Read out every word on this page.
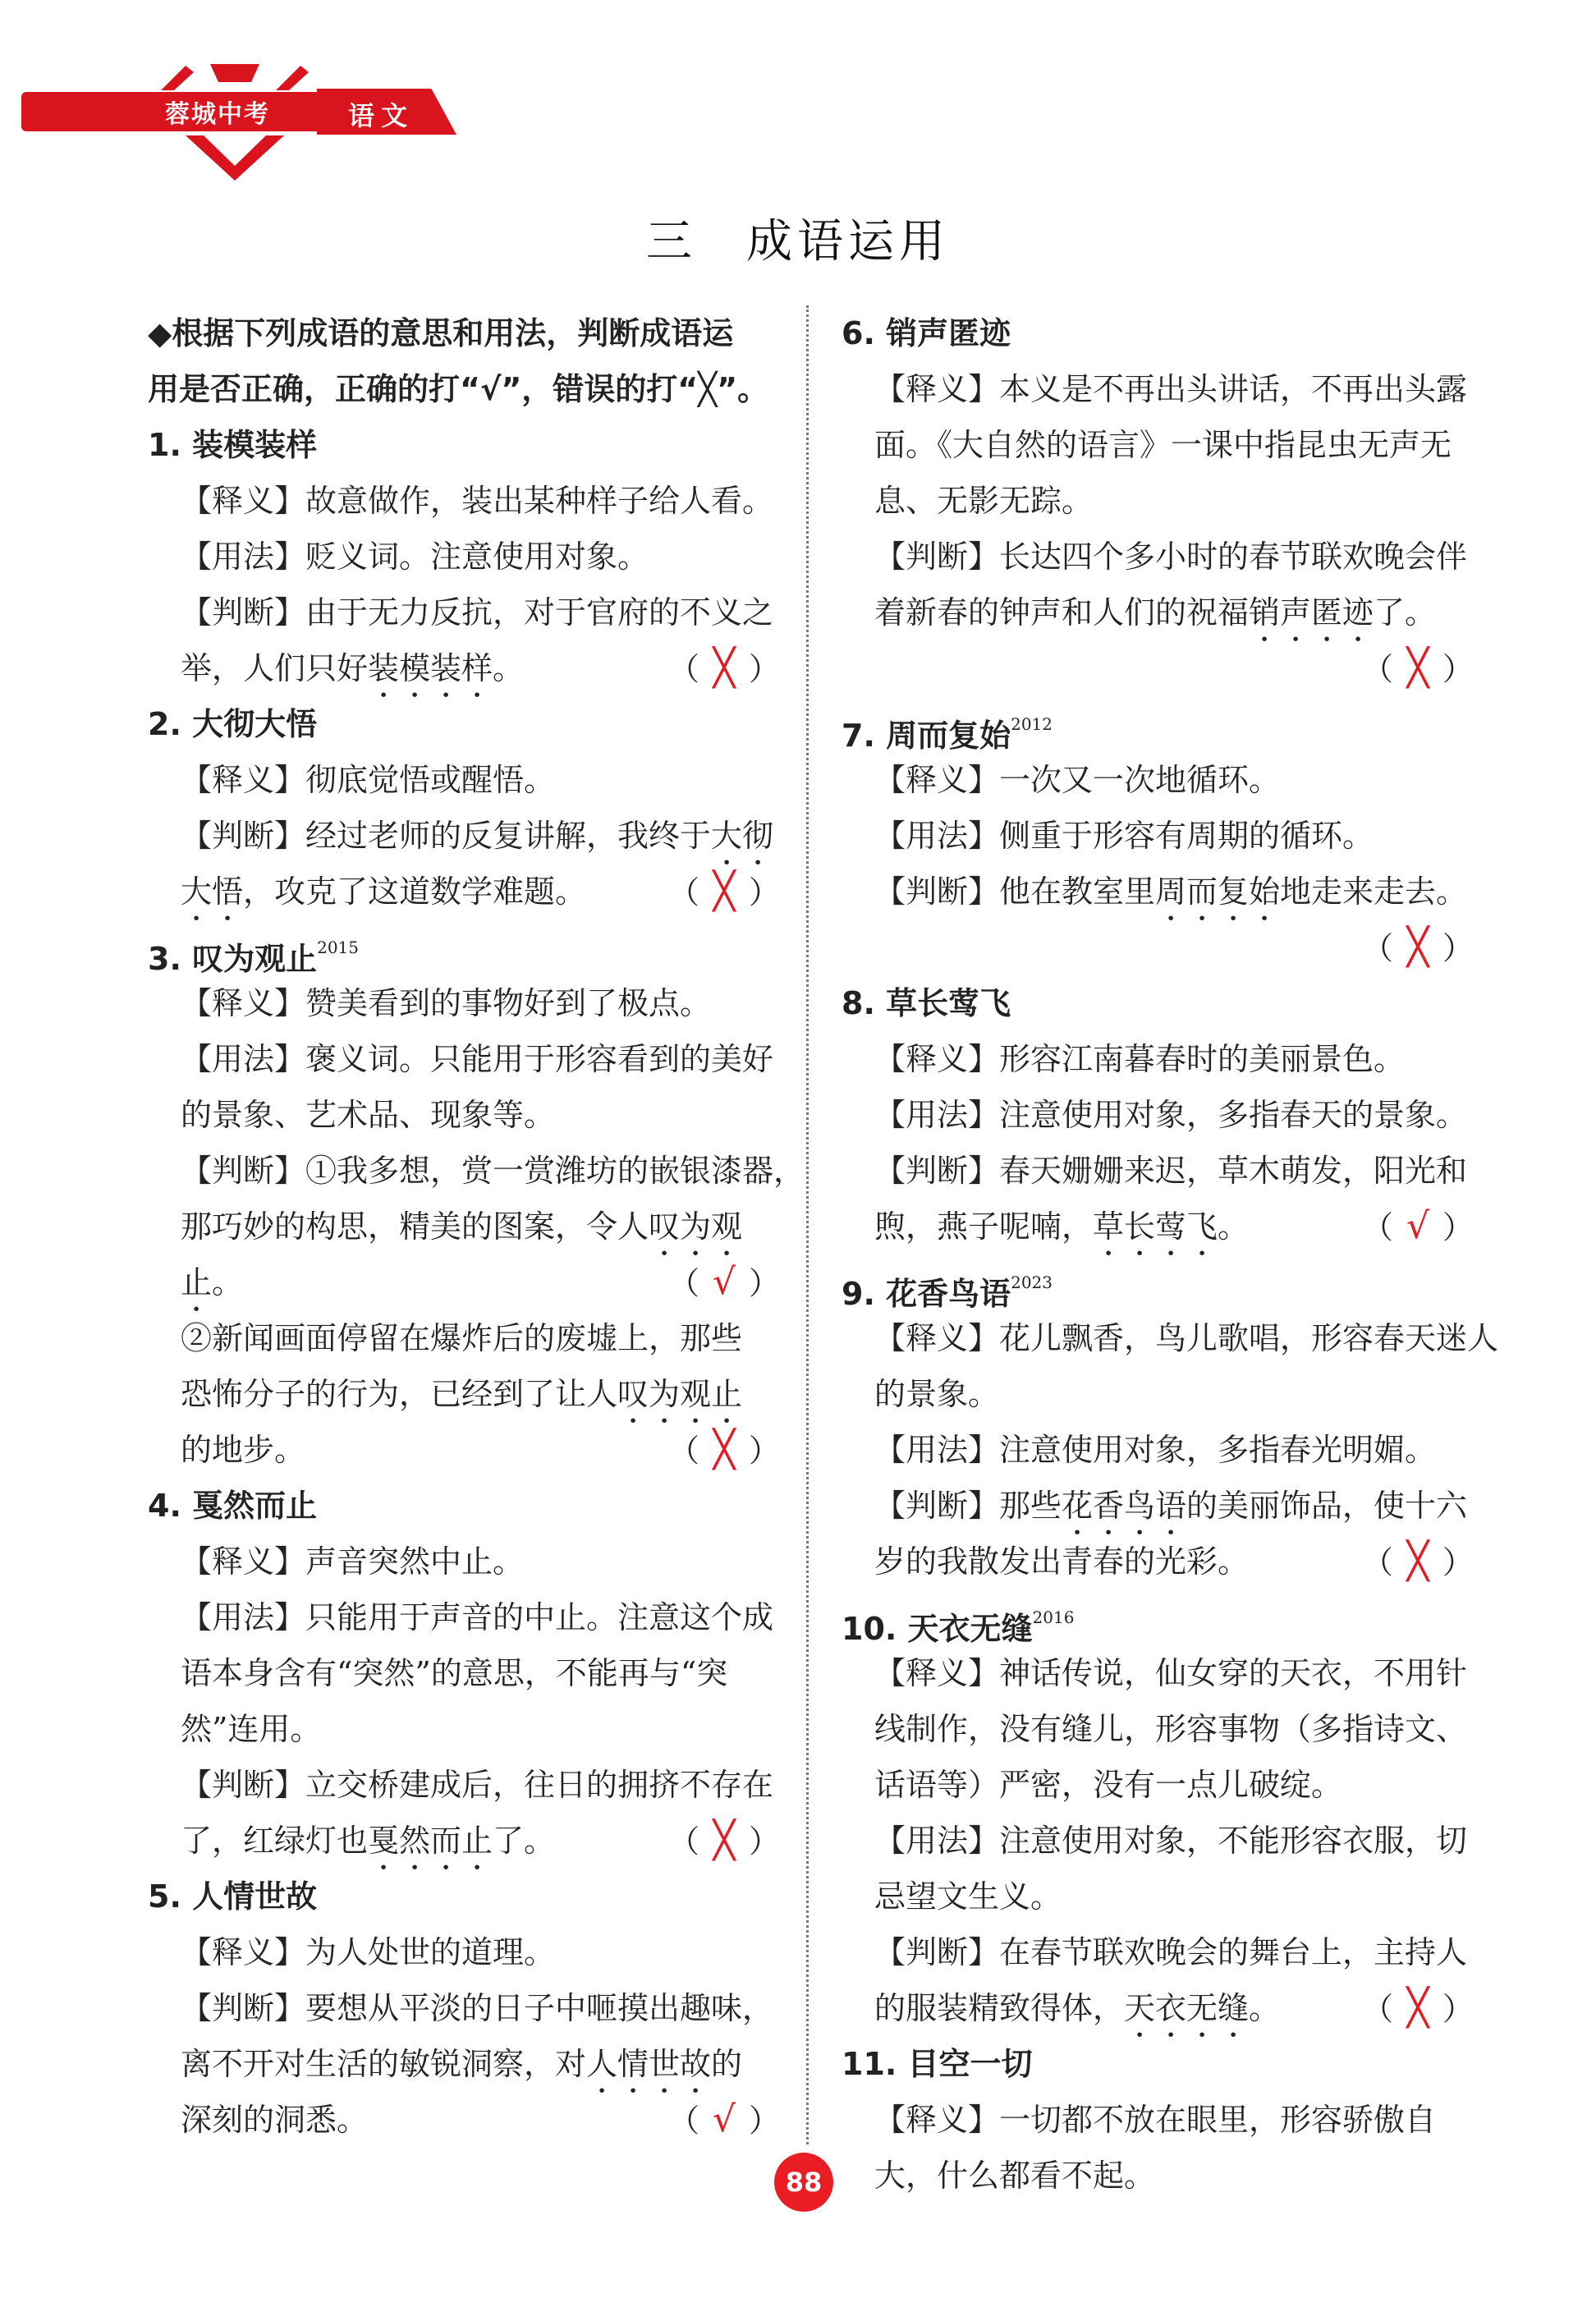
蓉城中考	语文
三 成语运用
◆根据下列成语的意思和用法，判断成语运
用是否正确，正确的打“√”，错误的打“╳”。
1. 装模装样
【释义】故意做作，装出某种样子给人看。
【用法】贬义词。注意使用对象。
【判断】由于无力反抗，对于官府的不义之
举，人们只好装模装样。	（ ╳ ）
2. 大彻大悟
【释义】彻底觉悟或醒悟。
【判断】经过老师的反复讲解，我终于大彻
大悟，攻克了这道数学难题。	（ ╳ ）
3. 叹为观止$^{2015}$
【释义】赞美看到的事物好到了极点。
【用法】褒义词。只能用于形容看到的美好
的景象、艺术品、现象等。
【判断】①我多想，赏一赏潍坊的嵌银漆器，
那巧妙的构思，精美的图案，令人叹为观
止。	（ √ ）
②新闻画面停留在爆炸后的废墟上，那些
恐怖分子的行为，已经到了让人叹为观止
的地步。	（ ╳ ）
4. 戛然而止
【释义】声音突然中止。
【用法】只能用于声音的中止。注意这个成
语本身含有“突然”的意思，不能再与“突
然”连用。
【判断】立交桥建成后，往日的拥挤不存在
了，红绿灯也戛然而止了。	（ ╳ ）
5. 人情世故
【释义】为人处世的道理。
【判断】要想从平淡的日子中咂摸出趣味，
离不开对生活的敏锐洞察，对人情世故的
深刻的洞悉。	（ √ ）
6. 销声匿迹
【释义】本义是不再出头讲话，不再出头露
面。《大自然的语言》一课中指昆虫无声无
息、无影无踪。
【判断】长达四个多小时的春节联欢晚会伴
着新春的钟声和人们的祝福销声匿迹了。
（ ╳ ）
7. 周而复始$^{2012}$
【释义】一次又一次地循环。
【用法】侧重于形容有周期的循环。
【判断】他在教室里周而复始地走来走去。
（ ╳ ）
8. 草长莺飞
【释义】形容江南暮春时的美丽景色。
【用法】注意使用对象，多指春天的景象。
【判断】春天姗姗来迟，草木萌发，阳光和
煦，燕子呢喃，草长莺飞。	（ √ ）
9. 花香鸟语$^{2023}$
【释义】花儿飘香，鸟儿歌唱，形容春天迷人
的景象。
【用法】注意使用对象，多指春光明媚。
【判断】那些花香鸟语的美丽饰品，使十六
岁的我散发出青春的光彩。	（ ╳ ）
10. 天衣无缝$^{2016}$
【释义】神话传说，仙女穿的天衣，不用针
线制作，没有缝儿，形容事物（多指诗文、
话语等）严密，没有一点儿破绽。
【用法】注意使用对象，不能形容衣服，切
忌望文生义。
【判断】在春节联欢晚会的舞台上，主持人
的服装精致得体，天衣无缝。	（ ╳ ）
11. 目空一切
【释义】一切都不放在眼里，形容骄傲自
大，什么都看不起。
88
